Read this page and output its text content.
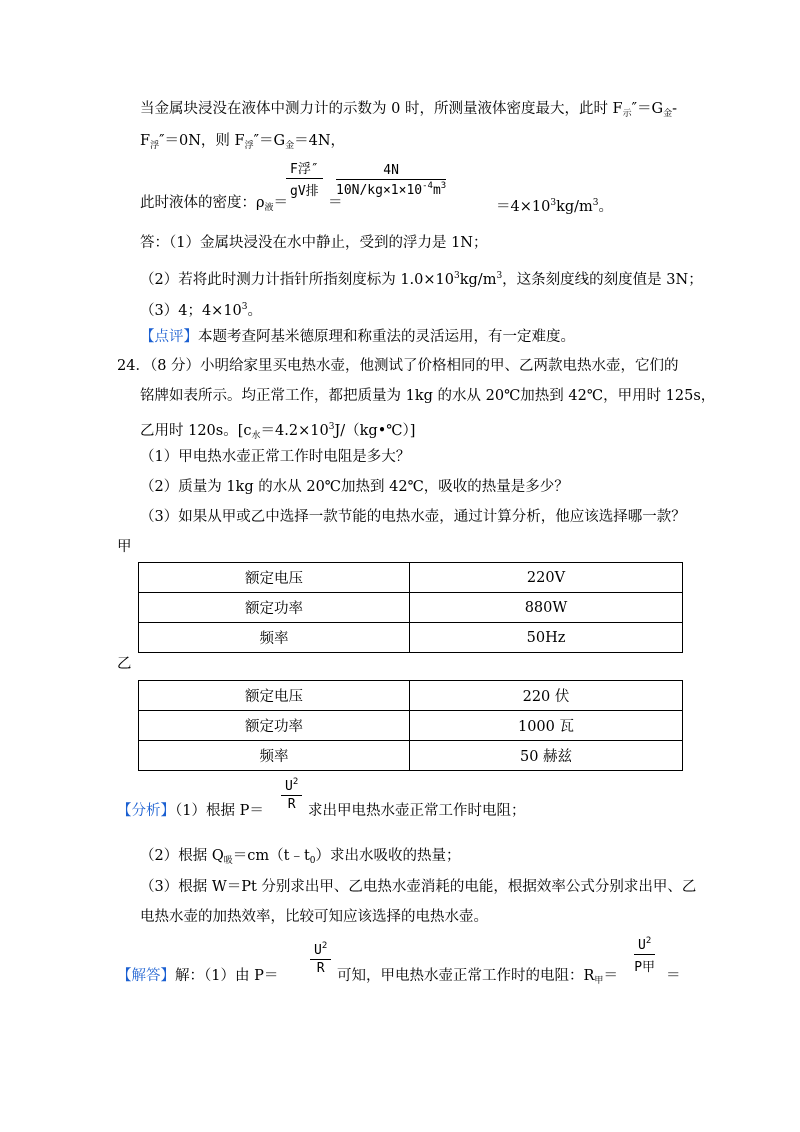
当金属块浸没在液体中测力计的示数为 0 时，所测量液体密度最大，此时 $F_示''=G_金-$
$F_浮''=0N$，则 $F_浮''=G_金=4N$，
F浮″
gV排	$\frac{4N}{10N/kg\times 1\times 10^{-4}m^3}$
此时液体的密度：$\rho_液=$	＝	$=4\times 10^3kg/m^3$。
答：（1）金属块浸没在水中静止，受到的浮力是 1N；
（2）若将此时测力计指针所指刻度标为 $1.0\times 10^3kg/m^3$，这条刻度线的刻度值是 3N；
（3）4；$4\times 10^3$。
【点评】本题考查阿基米德原理和称重法的灵活运用，有一定难度。
24．（8 分）小明给家里买电热水壶，他测试了价格相同的甲、乙两款电热水壶，它们的
铭牌如表所示。均正常工作，都把质量为 1kg 的水从 20℃加热到 42℃，甲用时 125s，
乙用时 120s。$[c_水=4.2\times 10^3J/(kg•℃)]$
（1）甲电热水壶正常工作时电阻是多大？
（2）质量为 1kg 的水从 20℃加热到 42℃，吸收的热量是多少？
（3）如果从甲或乙中选择一款节能的电热水壶，通过计算分析，他应该选择哪一款？
甲
额定电压	220V
额定功率	880W
频率	50Hz
乙
额定电压	220 伏
额定功率	1000 瓦
频率	50 赫兹
$\frac{U^2}{R}$
【分析】（1）根据 P＝	求出甲电热水壶正常工作时电阻；
（2）根据 $Q_吸=cm(t﹣t_0)$求出水吸收的热量；
（3）根据 W＝Pt 分别求出甲、乙电热水壶消耗的电能，根据效率公式分别求出甲、乙
电热水壶的加热效率，比较可知应该选择的电热水壶。
$\frac{U^2}{R}$
【解答】解：（1）由 P＝	可知，甲电热水壶正常工作时的电阻：$R_甲=$
$U^2$
P甲
＝
